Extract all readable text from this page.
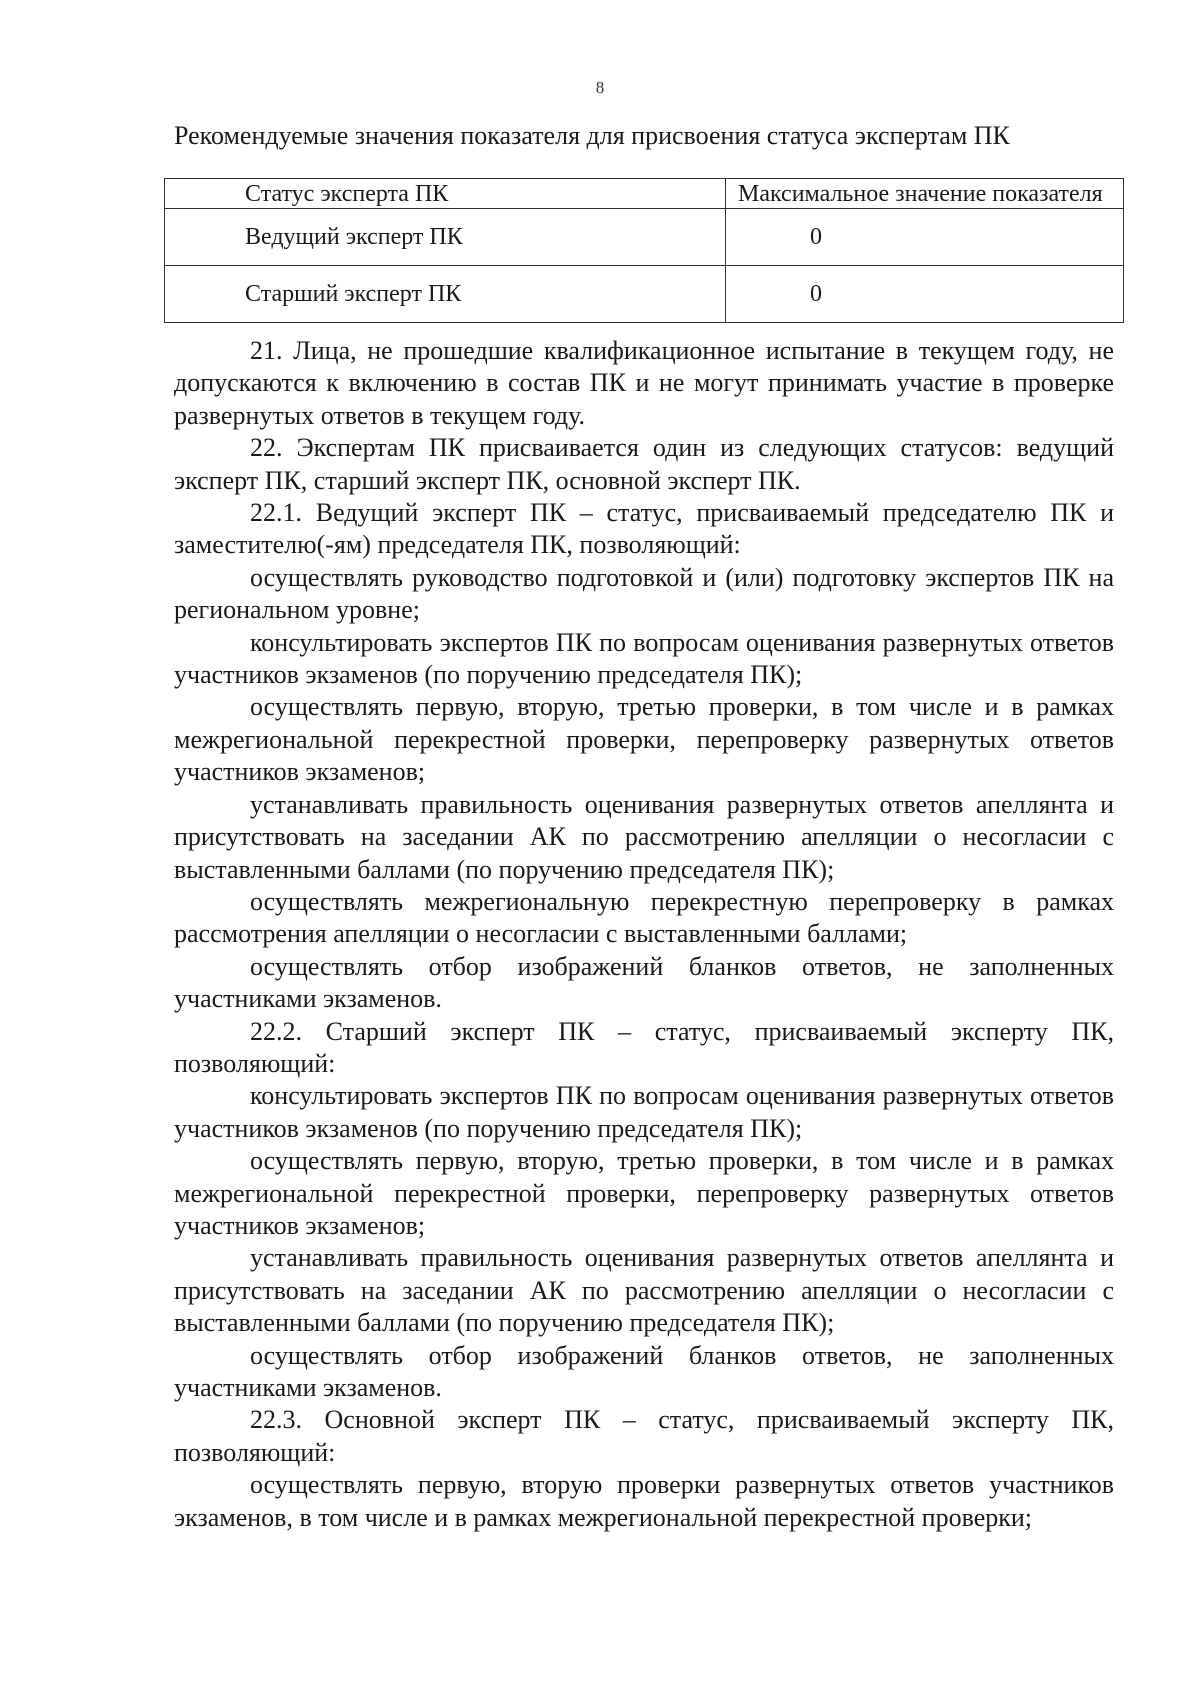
8
Рекомендуемые значения показателя для присвоения статуса экспертам ПК
Статус эксперта ПК	Максимальное значение показателя
Ведущий эксперт ПК	0
Старший эксперт ПК	0

21. Лица, не прошедшие квалификационное испытание в текущем году, не допускаются к включению в состав ПК и не могут принимать участие в проверке развернутых ответов в текущем году.

22. Экспертам ПК присваивается один из следующих статусов: ведущий эксперт ПК, старший эксперт ПК, основной эксперт ПК.

22.1. Ведущий эксперт ПК – статус, присваиваемый председателю ПК и заместителю(-ям) председателя ПК, позволяющий:

осуществлять руководство подготовкой и (или) подготовку экспертов ПК на региональном уровне;

консультировать экспертов ПК по вопросам оценивания развернутых ответов участников экзаменов (по поручению председателя ПК);

осуществлять первую, вторую, третью проверки, в том числе и в рамках межрегиональной перекрестной проверки, перепроверку развернутых ответов участников экзаменов;

устанавливать правильность оценивания развернутых ответов апеллянта и присутствовать на заседании АК по рассмотрению апелляции о несогласии с выставленными баллами (по поручению председателя ПК);

осуществлять межрегиональную перекрестную перепроверку в рамках рассмотрения апелляции о несогласии с выставленными баллами;

осуществлять отбор изображений бланков ответов, не заполненных участниками экзаменов.

22.2. Старший эксперт ПК – статус, присваиваемый эксперту ПК, позволяющий:

консультировать экспертов ПК по вопросам оценивания развернутых ответов участников экзаменов (по поручению председателя ПК);

осуществлять первую, вторую, третью проверки, в том числе и в рамках межрегиональной перекрестной проверки, перепроверку развернутых ответов участников экзаменов;

устанавливать правильность оценивания развернутых ответов апеллянта и присутствовать на заседании АК по рассмотрению апелляции о несогласии с выставленными баллами (по поручению председателя ПК);

осуществлять отбор изображений бланков ответов, не заполненных участниками экзаменов.

22.3. Основной эксперт ПК – статус, присваиваемый эксперту ПК, позволяющий:

осуществлять первую, вторую проверки развернутых ответов участников экзаменов, в том числе и в рамках межрегиональной перекрестной проверки;
